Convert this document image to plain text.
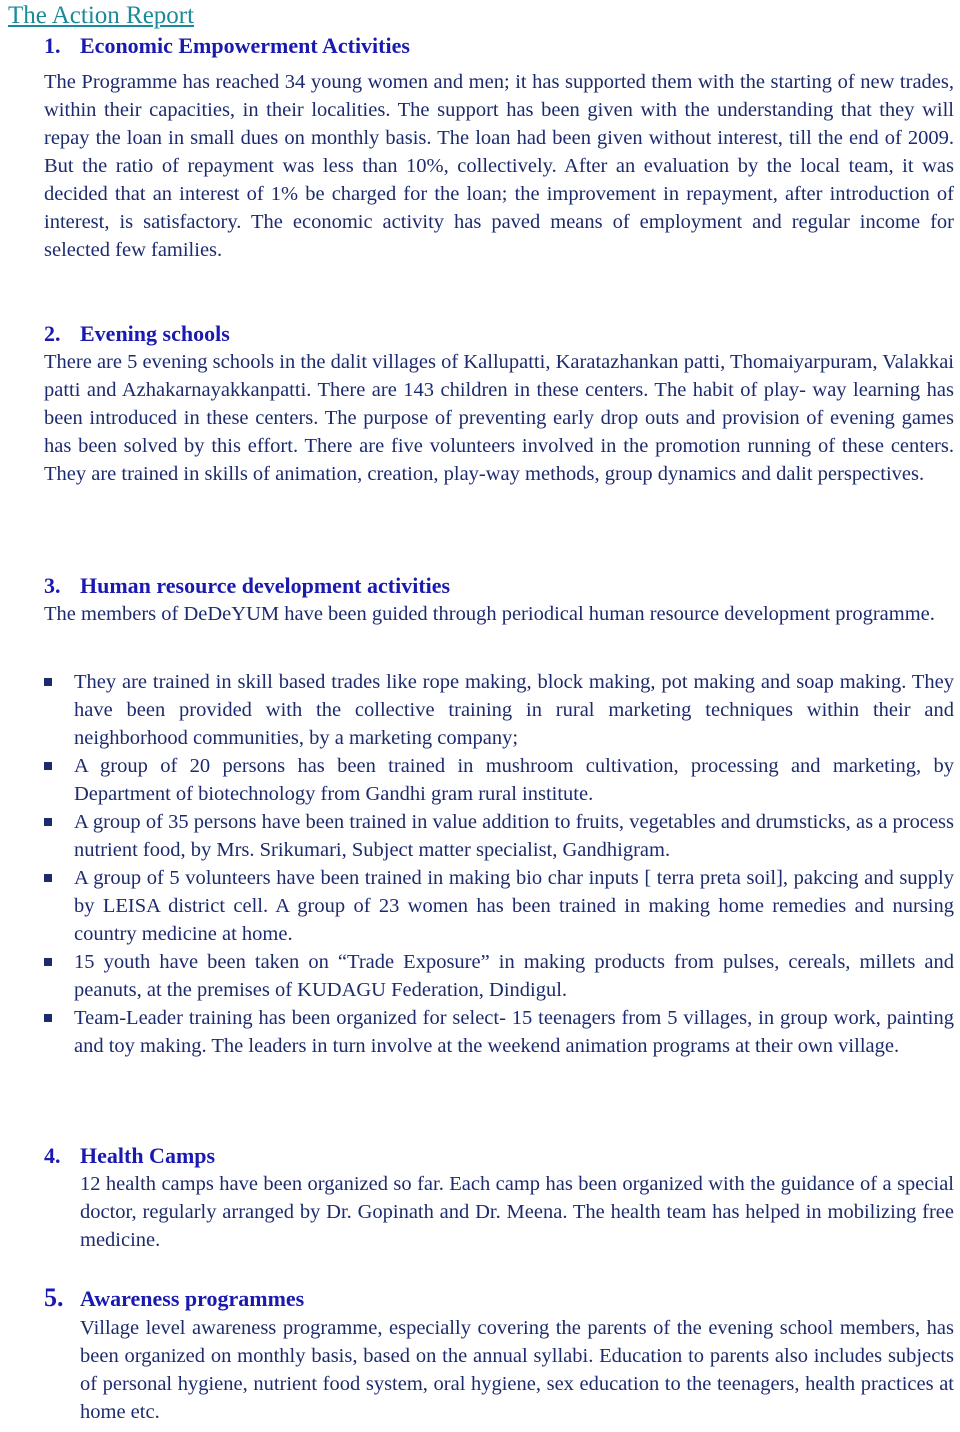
The Action Report
1. Economic Empowerment Activities
The Programme has reached 34 young women and men; it has supported them with the starting of new trades, within their capacities, in their localities. The support has been given with the understanding that they will repay the loan in small dues on monthly basis. The loan had been given without interest, till the end of 2009. But the ratio of repayment was less than 10%, collectively. After an evaluation by the local team, it was decided that an interest of 1% be charged for the loan; the improvement in repayment, after introduction of interest, is satisfactory. The economic activity has paved means of employment and regular income for selected few families.
2. Evening schools
There are 5 evening schools in the dalit villages of Kallupatti, Karatazhankan patti, Thomaiyarpuram, Valakkai patti and Azhakarnayakkanpatti. There are 143 children in these centers. The habit of play- way learning has been introduced in these centers. The purpose of preventing early drop outs and provision of evening games has been solved by this effort. There are five volunteers involved in the promotion running of these centers. They are trained in skills of animation, creation, play-way methods, group dynamics and dalit perspectives.
3. Human resource development activities
The members of DeDeYUM have been guided through periodical human resource development programme.
They are trained in skill based trades like rope making, block making, pot making and soap making. They have been provided with the collective training in rural marketing techniques within their and neighborhood communities, by a marketing company;
A group of 20 persons has been trained in mushroom cultivation, processing and marketing, by Department of biotechnology from Gandhi gram rural institute.
A group of 35 persons have been trained in value addition to fruits, vegetables and drumsticks, as a process nutrient food, by Mrs. Srikumari, Subject matter specialist, Gandhigram.
A group of 5 volunteers have been trained in making bio char inputs [ terra preta soil], pakcing and supply by LEISA district cell. A group of 23 women has been trained in making home remedies and nursing country medicine at home.
15 youth have been taken on “Trade Exposure” in making products from pulses, cereals, millets and peanuts, at the premises of KUDAGU Federation, Dindigul.
Team-Leader training has been organized for select- 15 teenagers from 5 villages, in group work, painting and toy making. The leaders in turn involve at the weekend animation programs at their own village.
4. Health Camps
12 health camps have been organized so far. Each camp has been organized with the guidance of a special doctor, regularly arranged by Dr. Gopinath and Dr. Meena. The health team has helped in mobilizing free medicine.
5. Awareness programmes
Village level awareness programme, especially covering the parents of the evening school members, has been organized on monthly basis, based on the annual syllabi. Education to parents also includes subjects of personal hygiene, nutrient food system, oral hygiene, sex education to the teenagers, health practices at home etc.
